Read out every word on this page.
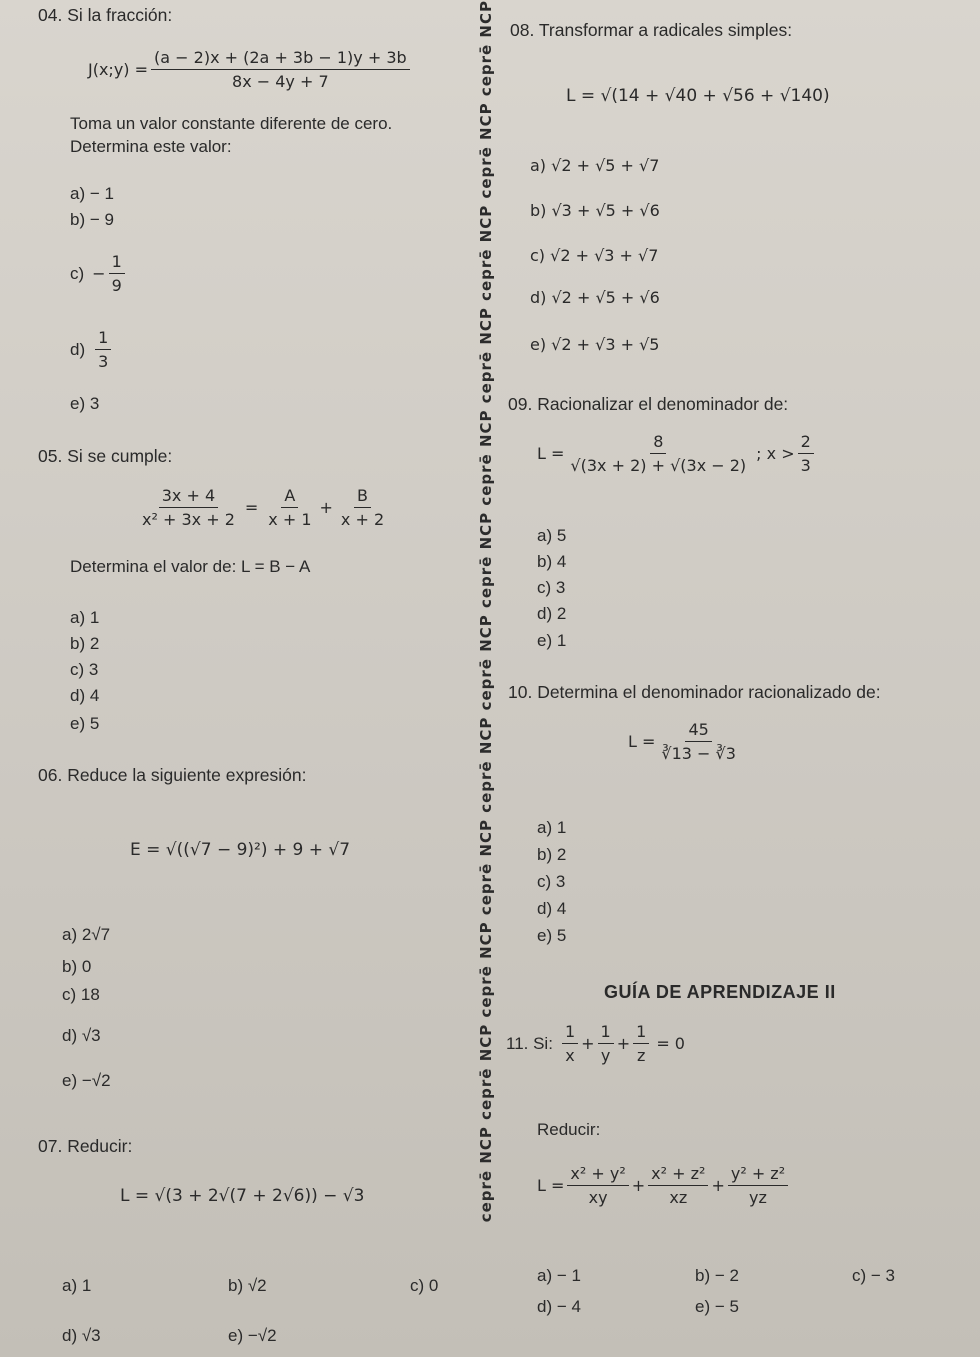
ceprē NCP ceprē NCP ceprē NCP ceprē NCP ceprē NCP ceprē NCP ceprē NCP ceprē NCP ceprē NCP ceprē NCP ceprē NCP ceprē NCP
04. Si la fracción:
J(x;y) = $\frac{(a - 2)x + (2a + 3b - 1)y + 3b}{8x - 4y + 7}$
Toma un valor constante diferente de cero.
Determina este valor:
a) − 1
b) − 9
$c) - \frac{1}{9}$
$d) \frac{1}{3}$
e) 3
05. Si se cumple:
$\frac{3x + 4}{\text{x² + 3x + 2}} = \frac{A}{x + 1} + \frac{B}{x + 2}$
Determina el valor de: L = B − A
a) 1
b) 2
c) 3
d) 4
e) 5
06. Reduce la siguiente expresión:
E = √((√7 − 9)²) + 9 + √7
a) 2√7
b) 0
c) 18
d) √3
e) −√2
07. Reducir:
L = √(3 + 2√(7 + 2√6)) − √3
a) 1	b) √2	c) 0
d) √3	e) −√2
08. Transformar a radicales simples:
L = √(14 + √40 + √56 + √140)
a) √2 + √5 + √7
b) √3 + √5 + √6
c) √2 + √3 + √7
d) √2 + √5 + √6
e) √2 + √3 + √5
09. Racionalizar el denominador de:
$L = \frac{8}{√(3x + 2) + √(3x - 2)}$ ; $x > \frac{2}{3}$
a) 5
b) 4
c) 3
d) 2
e) 1
10. Determina el denominador racionalizado de:
$L = \frac{45}{∛13 - ∛3}$
a) 1
b) 2
c) 3
d) 4
e) 5
GUÍA DE APRENDIZAJE II
11. Si: $\frac{1}{x} + \frac{1}{y} + \frac{1}{z} = 0$
Reducir:
$L = \frac{\text{x² + y²}}{xy} + \frac{\text{x² + z²}}{xz} + \frac{\text{y² + z²}}{yz}$
a) − 1	b) − 2	c) − 3
d) − 4	e) − 5
